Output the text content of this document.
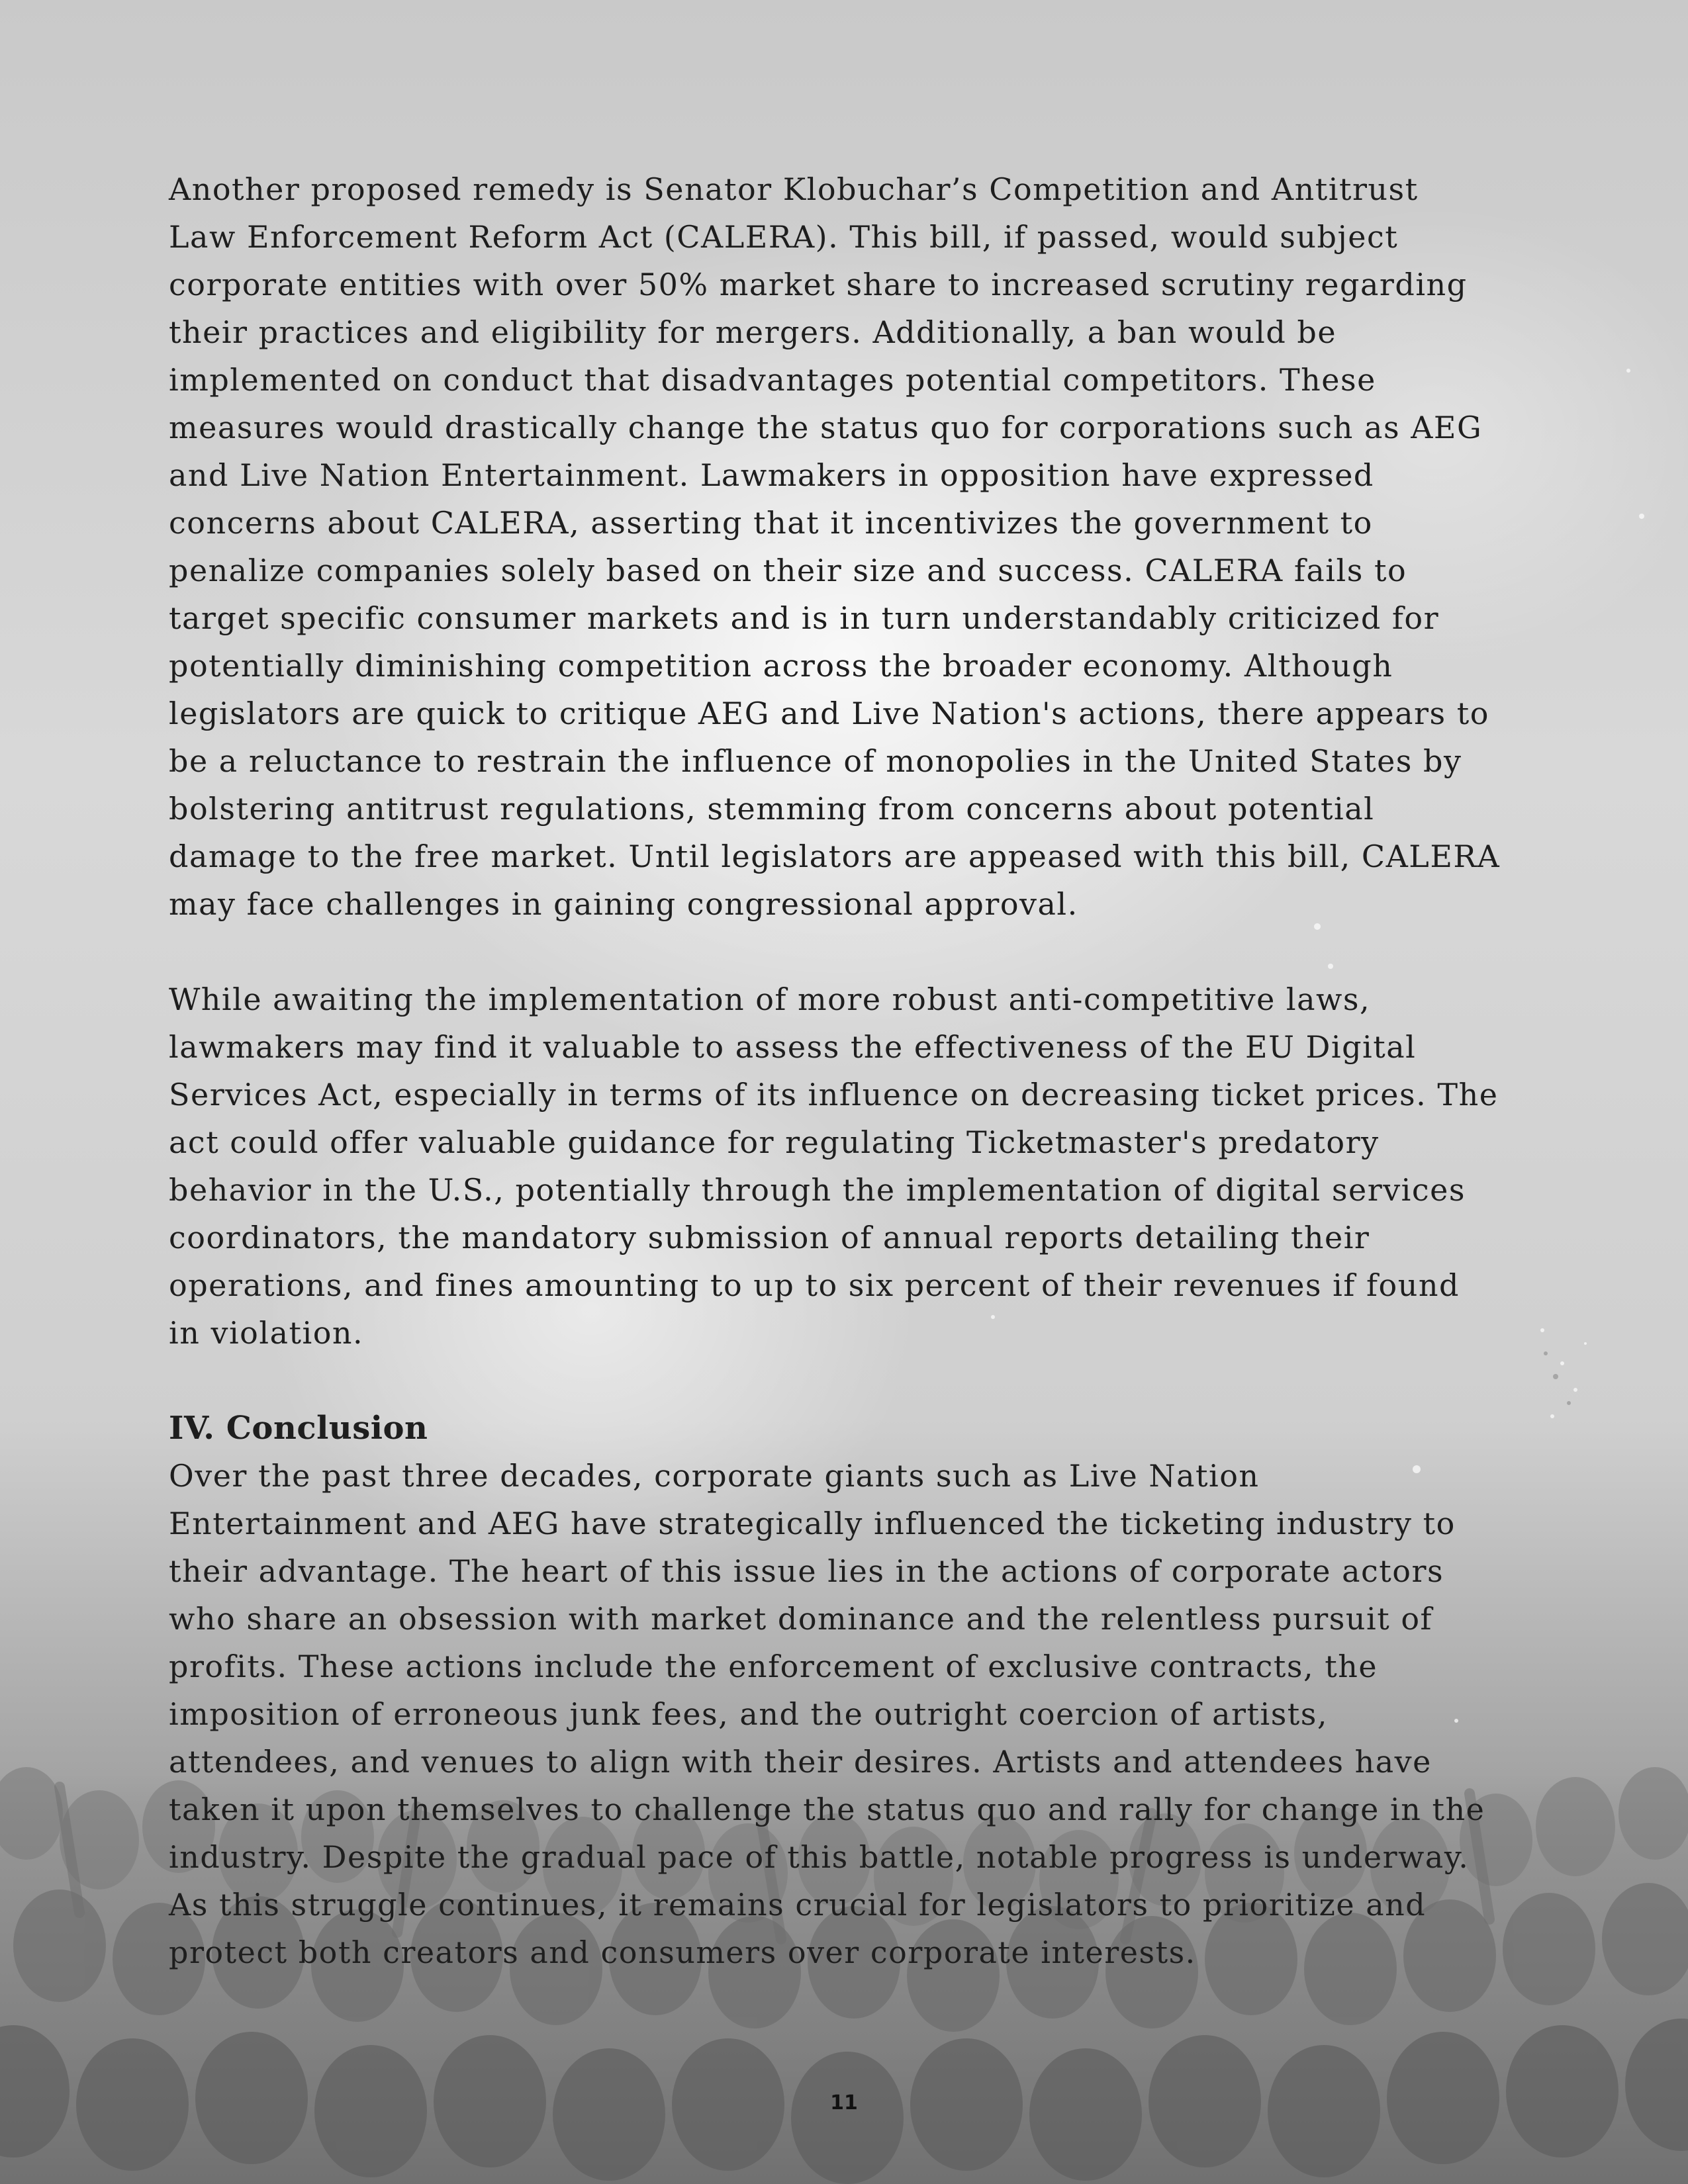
Another proposed remedy is Senator Klobuchar’s Competition and Antitrust
Law Enforcement Reform Act (CALERA). This bill, if passed, would subject
corporate entities with over 50% market share to increased scrutiny regarding
their practices and eligibility for mergers. Additionally, a ban would be
implemented on conduct that disadvantages potential competitors. These
measures would drastically change the status quo for corporations such as AEG
and Live Nation Entertainment. Lawmakers in opposition have expressed
concerns about CALERA, asserting that it incentivizes the government to
penalize companies solely based on their size and success. CALERA fails to
target specific consumer markets and is in turn understandably criticized for
potentially diminishing competition across the broader economy. Although
legislators are quick to critique AEG and Live Nation's actions, there appears to
be a reluctance to restrain the influence of monopolies in the United States by
bolstering antitrust regulations, stemming from concerns about potential
damage to the free market. Until legislators are appeased with this bill, CALERA
may face challenges in gaining congressional approval.

While awaiting the implementation of more robust anti-competitive laws,
lawmakers may find it valuable to assess the effectiveness of the EU Digital
Services Act, especially in terms of its influence on decreasing ticket prices. The
act could offer valuable guidance for regulating Ticketmaster's predatory
behavior in the U.S., potentially through the implementation of digital services
coordinators, the mandatory submission of annual reports detailing their
operations, and fines amounting to up to six percent of their revenues if found
in violation.

IV. Conclusion

Over the past three decades, corporate giants such as Live Nation
Entertainment and AEG have strategically influenced the ticketing industry to
their advantage. The heart of this issue lies in the actions of corporate actors
who share an obsession with market dominance and the relentless pursuit of
profits. These actions include the enforcement of exclusive contracts, the
imposition of erroneous junk fees, and the outright coercion of artists,
attendees, and venues to align with their desires. Artists and attendees have
taken it upon themselves to challenge the status quo and rally for change in the
industry. Despite the gradual pace of this battle, notable progress is underway.
As this struggle continues, it remains crucial for legislators to prioritize and
protect both creators and consumers over corporate interests.

11
